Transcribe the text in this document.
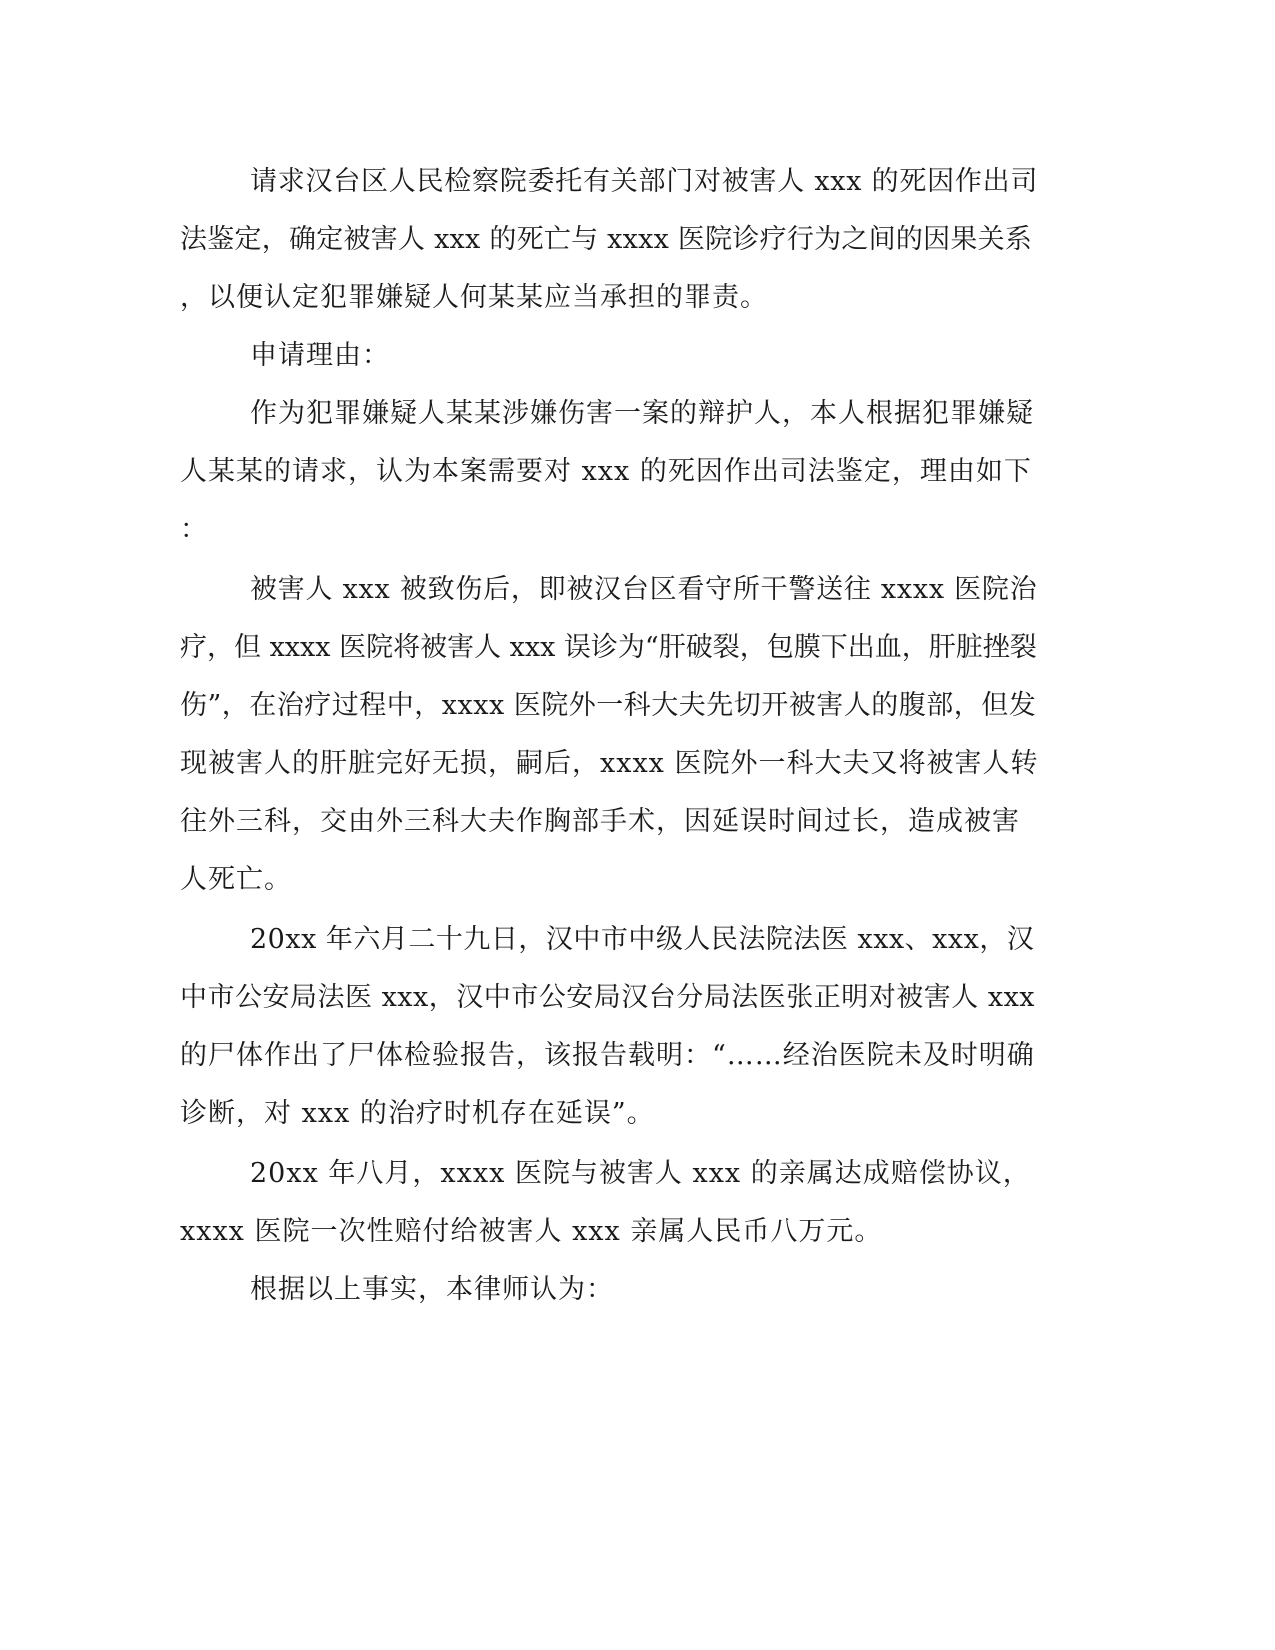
请求汉台区人民检察院委托有关部门对被害人 xxx 的死因作出司
法鉴定，确定被害人 xxx 的死亡与 xxxx 医院诊疗行为之间的因果关系
，以便认定犯罪嫌疑人何某某应当承担的罪责。
申请理由：
作为犯罪嫌疑人某某涉嫌伤害一案的辩护人，本人根据犯罪嫌疑
人某某的请求，认为本案需要对 xxx 的死因作出司法鉴定，理由如下
：
被害人 xxx 被致伤后，即被汉台区看守所干警送往 xxxx 医院治
疗，但 xxxx 医院将被害人 xxx 误诊为“肝破裂，包膜下出血，肝脏挫裂
伤”，在治疗过程中，xxxx 医院外一科大夫先切开被害人的腹部，但发
现被害人的肝脏完好无损，嗣后，xxxx 医院外一科大夫又将被害人转
往外三科，交由外三科大夫作胸部手术，因延误时间过长，造成被害
人死亡。
20xx 年六月二十九日，汉中市中级人民法院法医 xxx、xxx，汉
中市公安局法医 xxx，汉中市公安局汉台分局法医张正明对被害人 xxx
的尸体作出了尸体检验报告，该报告载明：“……经治医院未及时明确
诊断，对 xxx 的治疗时机存在延误”。
20xx 年八月，xxxx 医院与被害人 xxx 的亲属达成赔偿协议，
xxxx 医院一次性赔付给被害人 xxx 亲属人民币八万元。
根据以上事实，本律师认为：
